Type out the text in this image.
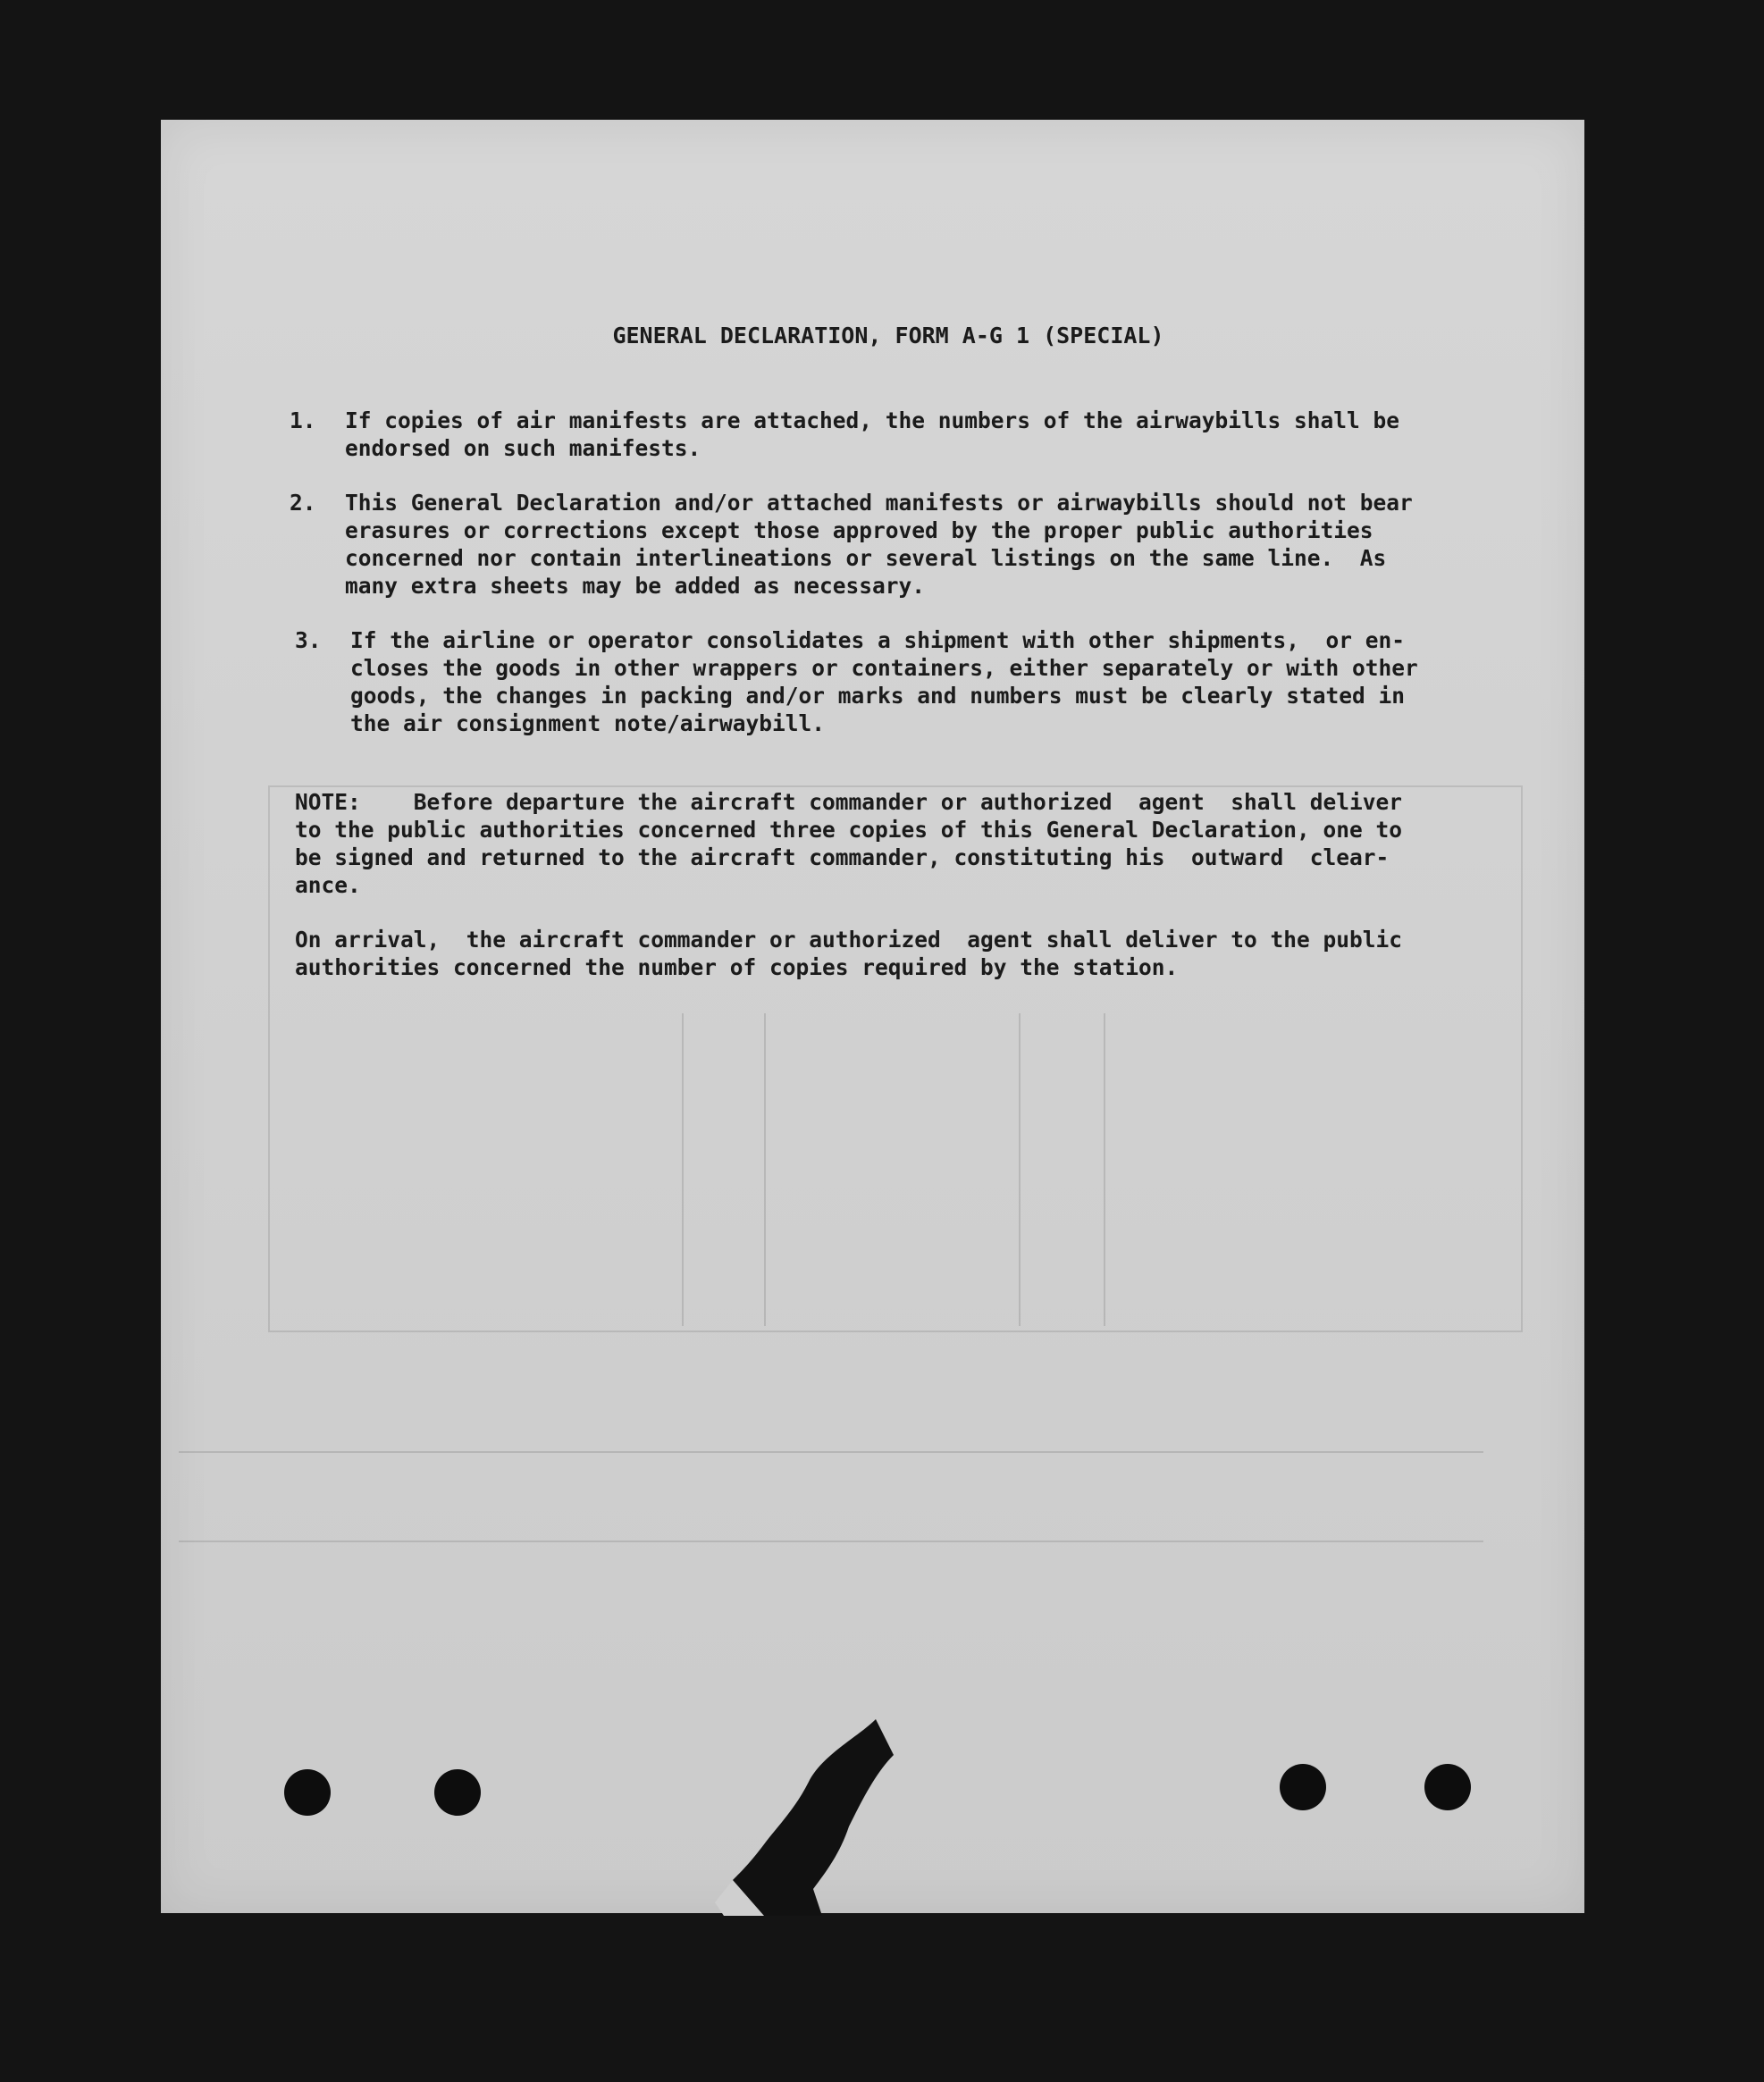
GENERAL DECLARATION, FORM A-G 1 (SPECIAL)
1. If copies of air manifests are attached, the numbers of the airwaybills shall be
endorsed on such manifests.
2. This General Declaration and/or attached manifests or airwaybills should not bear
erasures or corrections except those approved by the proper public authorities
concerned nor contain interlineations or several listings on the same line.  As
many extra sheets may be added as necessary.
3. If the airline or operator consolidates a shipment with other shipments,  or en-
closes the goods in other wrappers or containers, either separately or with other
goods, the changes in packing and/or marks and numbers must be clearly stated in
the air consignment note/airwaybill.
NOTE:    Before departure the aircraft commander or authorized  agent  shall deliver
to the public authorities concerned three copies of this General Declaration, one to
be signed and returned to the aircraft commander, constituting his  outward  clear-
ance.
On arrival,  the aircraft commander or authorized  agent shall deliver to the public
authorities concerned the number of copies required by the station.
